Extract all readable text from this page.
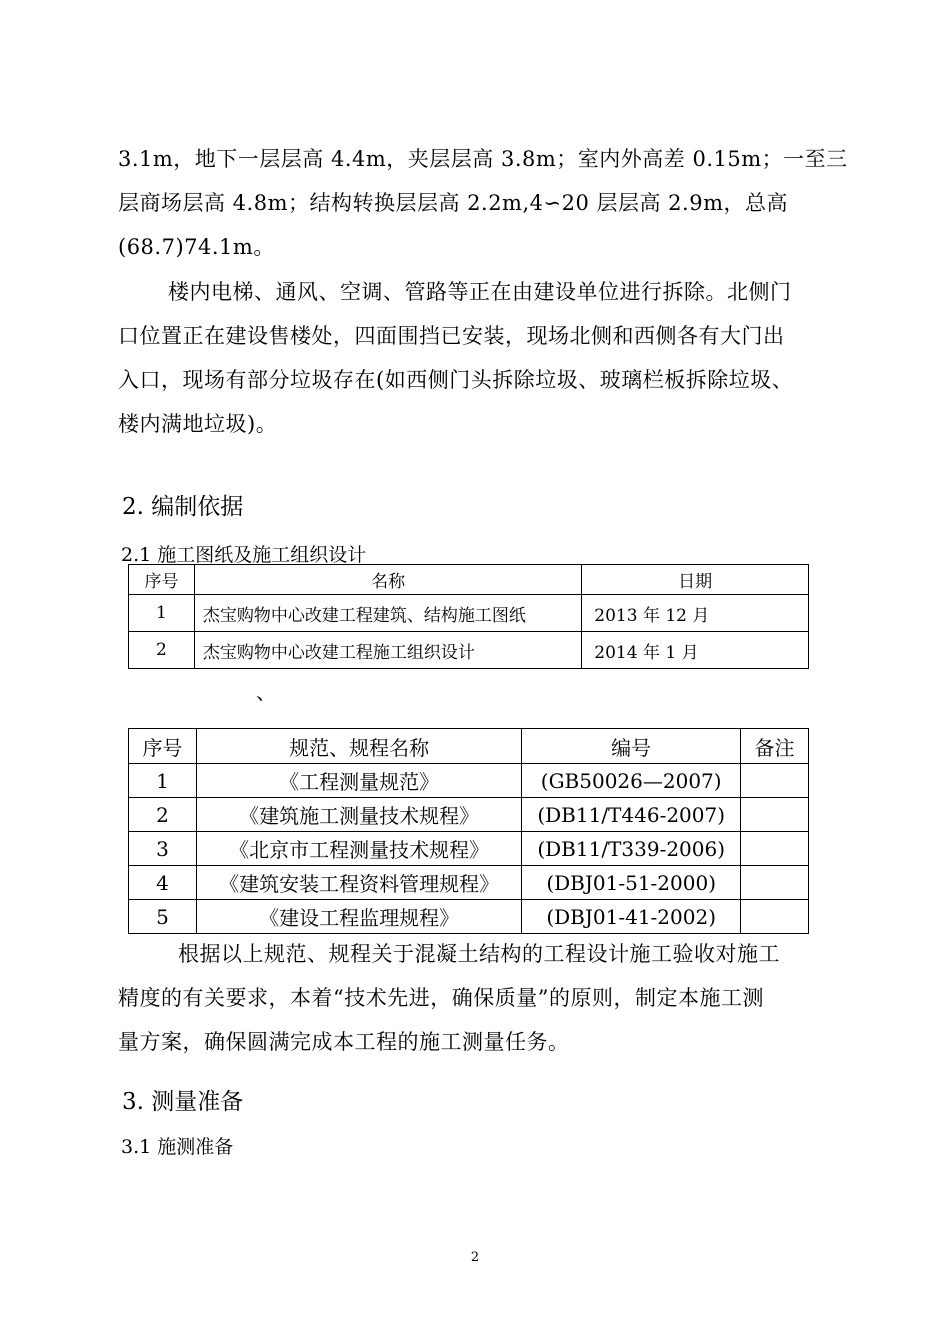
3.1m，地下一层层高 4.4m，夹层层高 3.8m；室内外高差 0.15m；一至三
层商场层高 4.8m；结构转换层层高 2.2m,4∽20 层层高 2.9m，总高
(68.7)74.1m。
楼内电梯、通风、空调、管路等正在由建设单位进行拆除。北侧门
口位置正在建设售楼处，四面围挡已安装，现场北侧和西侧各有大门出
入口，现场有部分垃圾存在(如西侧门头拆除垃圾、玻璃栏板拆除垃圾、
楼内满地垃圾)。
2. 编制依据
2.1 施工图纸及施工组织设计
序号	名称	日期
1	杰宝购物中心改建工程建筑、结构施工图纸	2013 年 12 月
2	杰宝购物中心改建工程施工组织设计	2014 年 1 月
、
序号	规范、规程名称	编号	备注
1	《工程测量规范》	(GB50026—2007)	
2	《建筑施工测量技术规程》	(DB11/T446-2007)	
3	《北京市工程测量技术规程》	(DB11/T339-2006)	
4	《建筑安装工程资料管理规程》	(DBJ01-51-2000)	
5	《建设工程监理规程》	(DBJ01-41-2002)	
根据以上规范、规程关于混凝土结构的工程设计施工验收对施工
精度的有关要求，本着“技术先进，确保质量”的原则，制定本施工测
量方案，确保圆满完成本工程的施工测量任务。
3. 测量准备
3.1 施测准备
2
